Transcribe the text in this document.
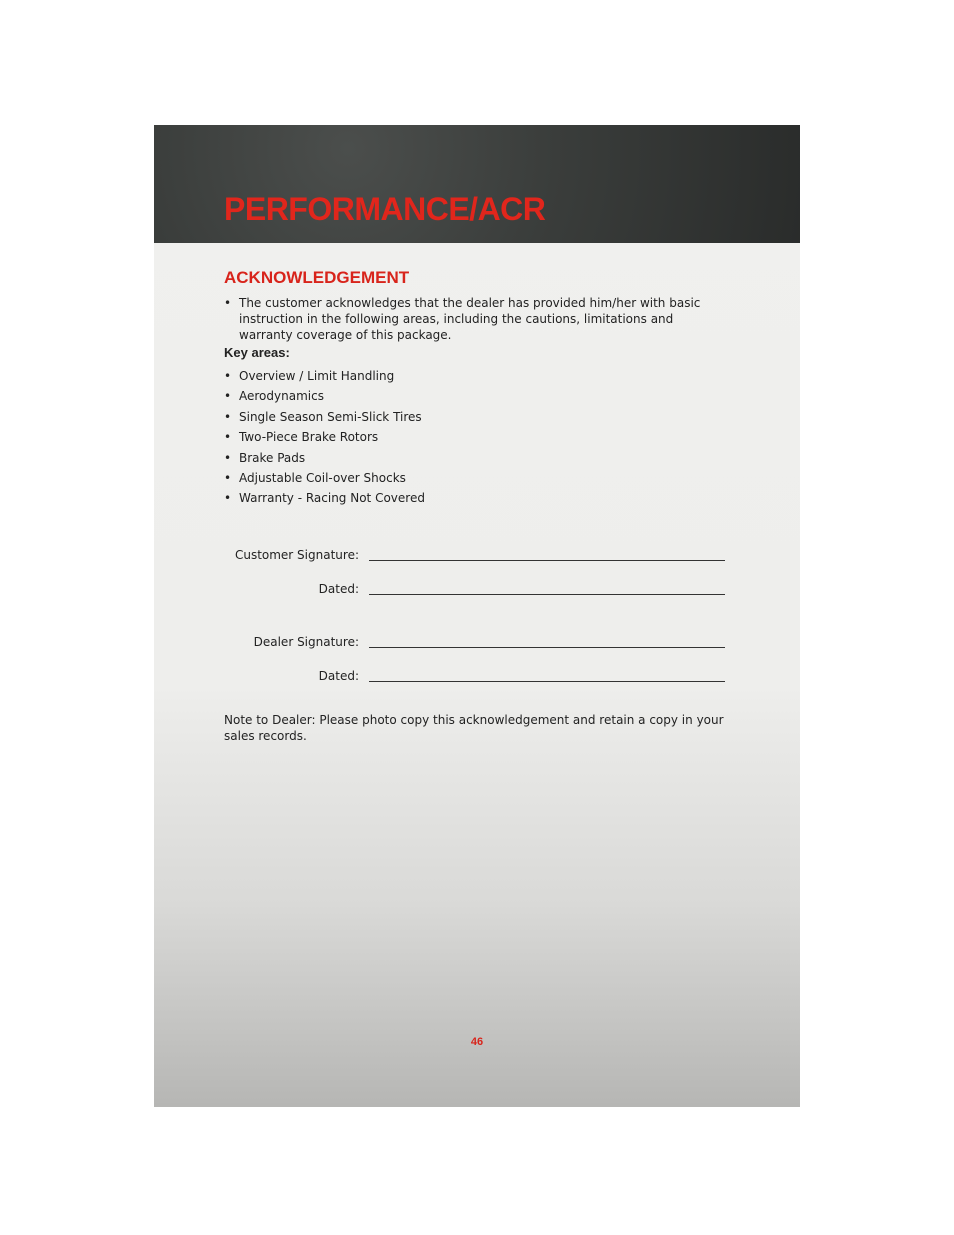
PERFORMANCE/ACR
ACKNOWLEDGEMENT
• The customer acknowledges that the dealer has provided him/her with basic instruction in the following areas, including the cautions, limitations and warranty coverage of this package.
Key areas:
• Overview / Limit Handling
• Aerodynamics
• Single Season Semi-Slick Tires
• Two-Piece Brake Rotors
• Brake Pads
• Adjustable Coil-over Shocks
• Warranty - Racing Not Covered
Customer Signature:
Dated:
Dealer Signature:
Dated:
Note to Dealer: Please photo copy this acknowledgement and retain a copy in your sales records.
46
